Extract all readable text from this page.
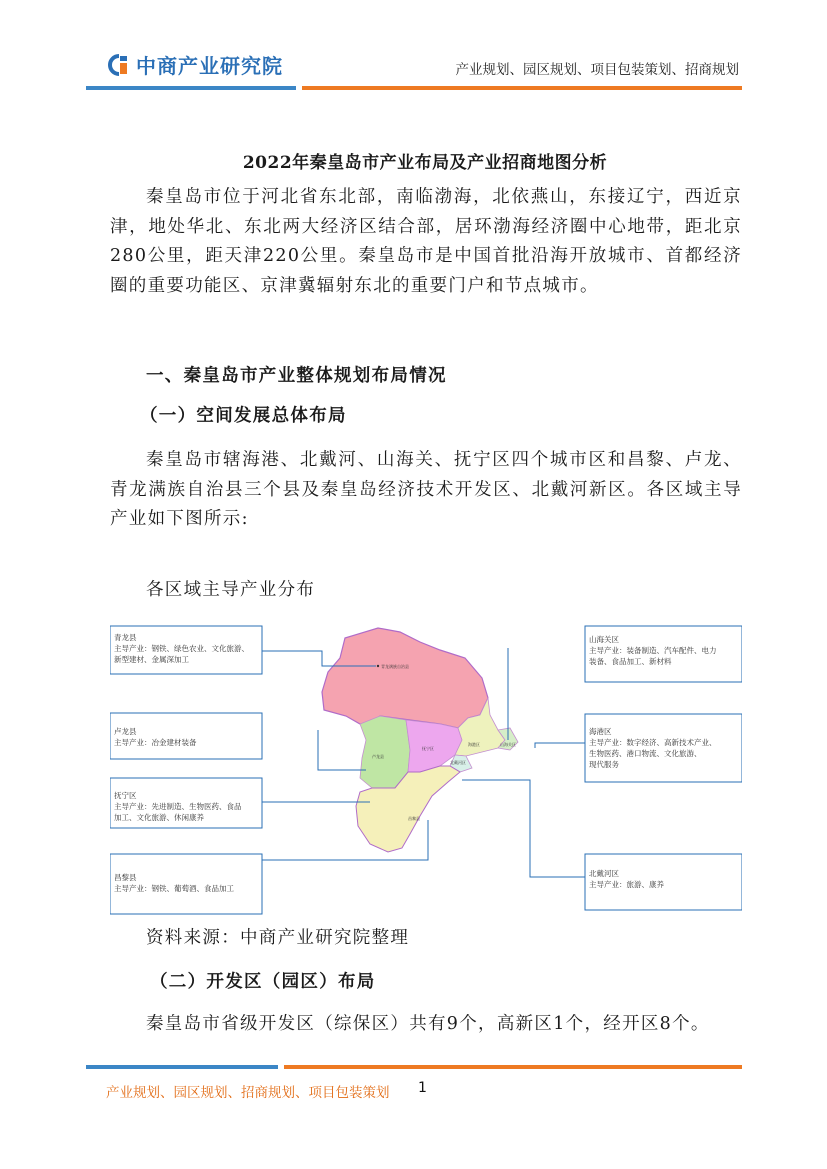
中商产业研究院	产业规划、园区规划、项目包装策划、招商规划
2022年秦皇岛市产业布局及产业招商地图分析
秦皇岛市位于河北省东北部，南临渤海，北依燕山，东接辽宁，西近京津，地处华北、东北两大经济区结合部，居环渤海经济圈中心地带，距北京280公里，距天津220公里。秦皇岛市是中国首批沿海开放城市、首都经济圈的重要功能区、京津冀辐射东北的重要门户和节点城市。
一、秦皇岛市产业整体规划布局情况
（一）空间发展总体布局
秦皇岛市辖海港、北戴河、山海关、抚宁区四个城市区和昌黎、卢龙、青龙满族自治县三个县及秦皇岛经济技术开发区、北戴河新区。各区域主导产业如下图所示:
各区域主导产业分布
青龙满族自治县
卢龙县
抚宁区
海港区	山海关区
北戴河区
昌黎县
青龙县
主导产业：钢铁、绿色农业、文化旅游、
新型建材、金属深加工
卢龙县
主导产业：冶金建材装备
抚宁区
主导产业：先进制造、生物医药、食品
加工、文化旅游、休闲康养
昌黎县
主导产业：钢铁、葡萄酒、食品加工
山海关区
主导产业：装备制造、汽车配件、电力
装备、食品加工、新材料
海港区
主导产业：数字经济、高新技术产业、
生物医药、港口物流、文化旅游、
现代服务
北戴河区
主导产业：旅游、康养
资料来源：中商产业研究院整理
（二）开发区（园区）布局
秦皇岛市省级开发区（综保区）共有9个，高新区1个，经开区8个。
产业规划、园区规划、招商规划、项目包装策划 1
